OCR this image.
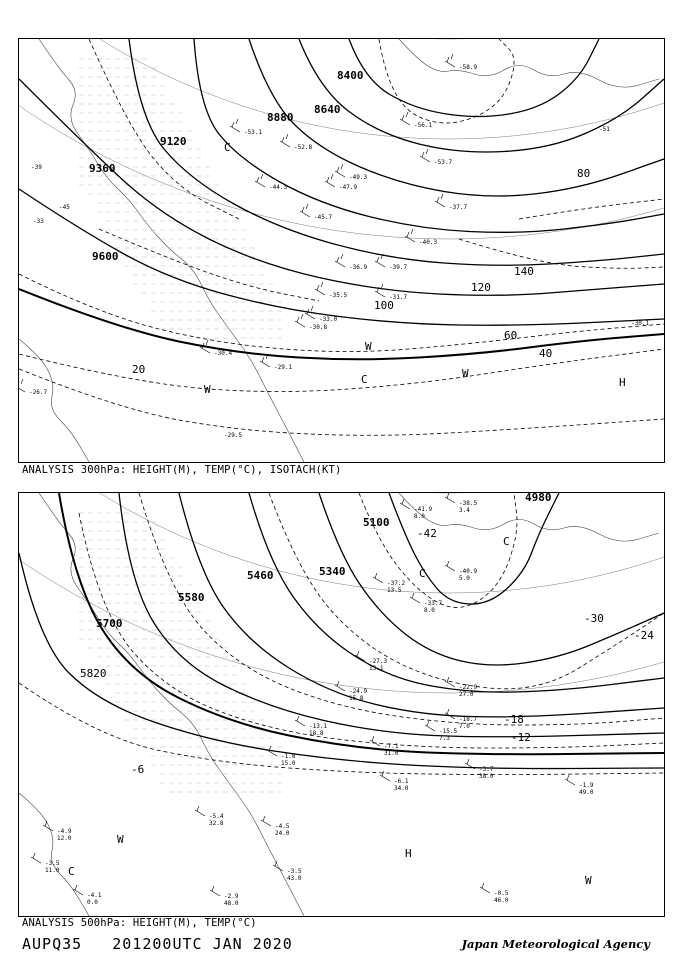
-53.1
-52.8
-47.9
-45.7
-44.3
-40.3
-39.7
-36.9
-35.5
-33.0
-31.7
-30.8
-29.1
-26.7
-56.1
-58.9
-53.7
-49.3
-37.7
-30.4
8400
8640
8880
9120
9360
9600
20
40
60
80
100
120
140
-51
-45
-39
-33
-30.1
-29.5
C
C
W
W
W
H
ANALYSIS 300hPa: HEIGHT(M), TEMP(°C), ISOTACH(KT)
-41.9
8.0
-38.5
3.4
-40.9
5.0
-37.2
13.5
-33.7
8.0
-27.3
13.1
-24.9
15.8
-22.9
27.0
-18.7
7.0
-15.5
7.3
-13.1
18.8
-7.1
31.0
-6.1
34.0
-3.7
38.0
-1.9
49.0
-4.5
24.0
-3.5
43.0
-5.4
32.8
-4.9
12.0
-3.5
11.0
-4.1
0.0
-0.5
46.0
-2.9
48.0
-1.8
15.0
4980
5100
5340
5460
5580
5700
5820
-42
-30
-24
-18
-12
-6
C
C
W
C
H
W
ANALYSIS 500hPa: HEIGHT(M), TEMP(°C)
AUPQ35 201200UTC JAN 2020	Japan Meteorological Agency
